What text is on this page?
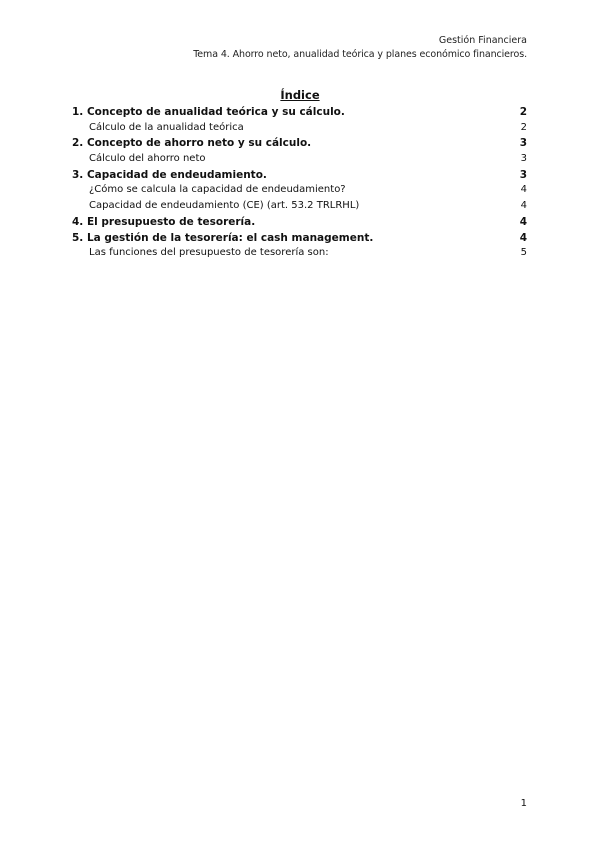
Gestión Financiera
Tema 4. Ahorro neto, anualidad teórica y planes económico financieros.
Índice
1. Concepto de anualidad teórica y su cálculo.	2
Cálculo de la anualidad teórica	2
2. Concepto de ahorro neto y su cálculo.	3
Cálculo del ahorro neto	3
3. Capacidad de endeudamiento.	3
¿Cómo se calcula la capacidad de endeudamiento?	4
Capacidad de endeudamiento (CE) (art. 53.2 TRLRHL)	4
4. El presupuesto de tesorería.	4
5. La gestión de la tesorería: el cash management.	4
Las funciones del presupuesto de tesorería son:	5
1
